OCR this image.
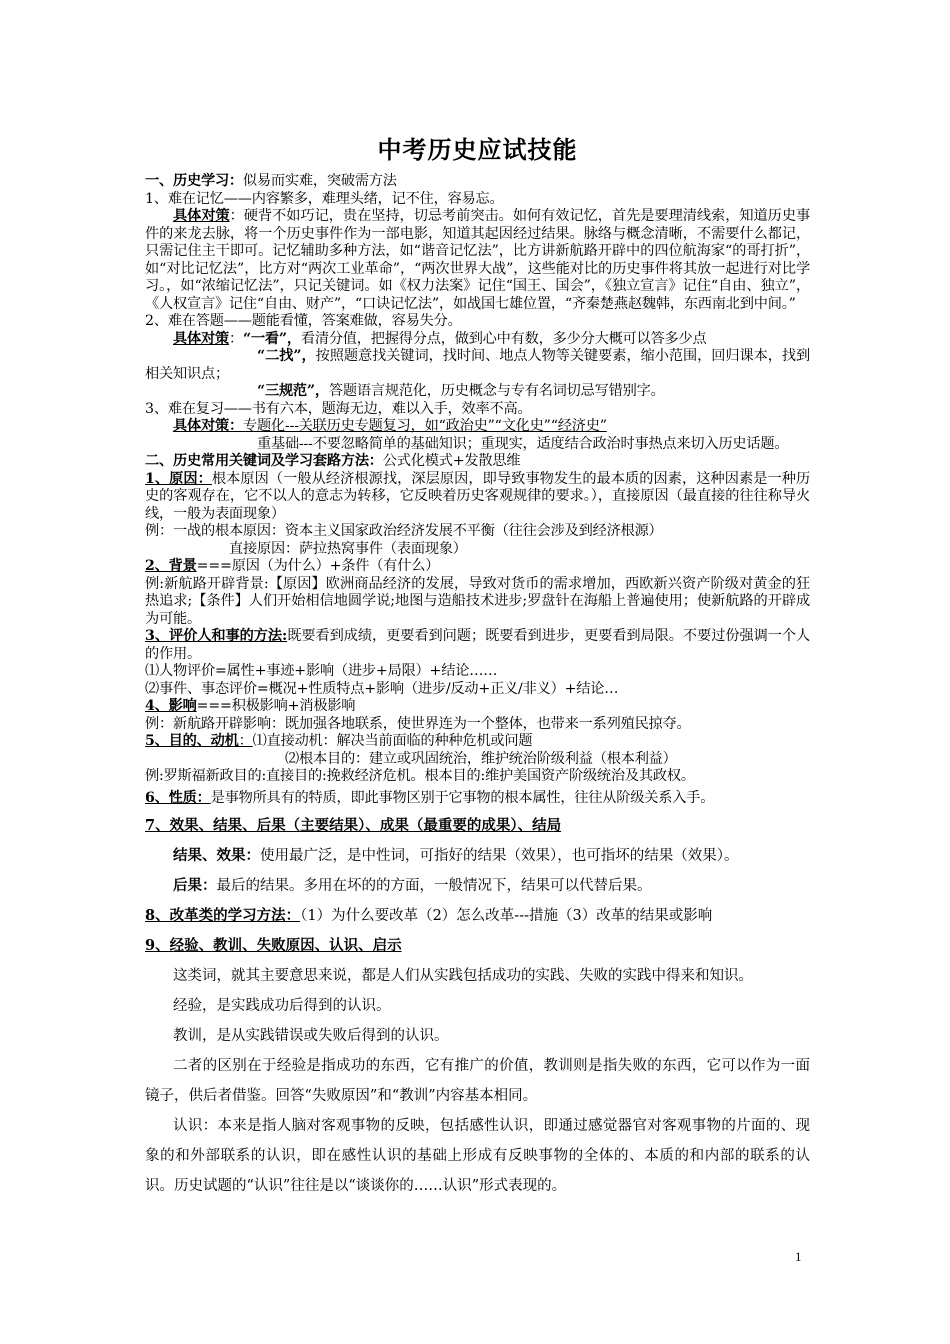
中考历史应试技能

一、历史学习：似易而实难，突破需方法

1、难在记忆——内容繁多，难理头绪，记不住，容易忘。

具体对策：硬背不如巧记，贵在坚持，切忌考前突击。如何有效记忆，首先是要理清线索，知道历史事件的来龙去脉，将一个历史事件作为一部电影，知道其起因经过结果。脉络与概念清晰，不需要什么都记，只需记住主干即可。记忆辅助多种方法，如“谐音记忆法”，比方讲新航路开辟中的四位航海家“的哥打折”，如“对比记忆法”，比方对“两次工业革命”，“两次世界大战”，这些能对比的历史事件将其放一起进行对比学习。，如“浓缩记忆法”，只记关键词。如《权力法案》记住“国王、国会”，《独立宣言》记住“自由、独立”，《人权宣言》记住“自由、财产”，“口诀记忆法”，如战国七雄位置，“齐秦楚燕赵魏韩，东西南北到中间。”

2、难在答题——题能看懂，答案难做，容易失分。

具体对策：“一看”，看清分值，把握得分点，做到心中有数，多少分大概可以答多少点

“二找”，按照题意找关键词，找时间、地点人物等关键要素，缩小范围，回归课本，找到相关知识点；

“三规范”，答题语言规范化，历史概念与专有名词切忌写错别字。

3、难在复习——书有六本，题海无边，难以入手，效率不高。

具体对策：专题化---关联历史专题复习，如“政治史”“文化史”“经济史”

重基础---不要忽略简单的基础知识；重现实，适度结合政治时事热点来切入历史话题。

二、历史常用关键词及学习套路方法：公式化模式+发散思维

1、原因：根本原因（一般从经济根源找，深层原因，即导致事物发生的最本质的因素，这种因素是一种历史的客观存在，它不以人的意志为转移，它反映着历史客观规律的要求。），直接原因（最直接的往往称导火线，一般为表面现象）

例：一战的根本原因：资本主义国家政治经济发展不平衡（往往会涉及到经济根源）

直接原因：萨拉热窝事件（表面现象）

2、背景===原因（为什么）+条件（有什么）

例:新航路开辟背景:【原因】欧洲商品经济的发展，导致对货币的需求增加，西欧新兴资产阶级对黄金的狂热追求;【条件】人们开始相信地圆学说;地图与造船技术进步;罗盘针在海船上普遍使用；使新航路的开辟成为可能。

3、评价人和事的方法:既要看到成绩，更要看到问题；既要看到进步，更要看到局限。不要过份强调一个人的作用。

⑴人物评价=属性+事迹+影响（进步+局限）+结论……

⑵事件、事态评价=概况+性质特点+影响（进步/反动+正义/非义）+结论…

4、影响===积极影响+消极影响

例：新航路开辟影响：既加强各地联系，使世界连为一个整体，也带来一系列殖民掠夺。

5、目的、动机：⑴直接动机：解决当前面临的种种危机或问题

⑵根本目的：建立或巩固统治，维护统治阶级利益（根本利益）

例:罗斯福新政目的:直接目的:挽救经济危机。根本目的:维护美国资产阶级统治及其政权。

6、性质：是事物所具有的特质，即此事物区别于它事物的根本属性，往往从阶级关系入手。

7、效果、结果、后果（主要结果）、成果（最重要的成果）、结局

结果、效果：使用最广泛，是中性词，可指好的结果（效果），也可指坏的结果（效果）。

后果：最后的结果。多用在坏的的方面，一般情况下，结果可以代替后果。

8、改革类的学习方法：（1）为什么要改革（2）怎么改革---措施（3）改革的结果或影响

9、经验、教训、失败原因、认识、启示

这类词，就其主要意思来说，都是人们从实践包括成功的实践、失败的实践中得来和知识。

经验，是实践成功后得到的认识。

教训，是从实践错误或失败后得到的认识。

二者的区别在于经验是指成功的东西，它有推广的价值，教训则是指失败的东西，它可以作为一面镜子，供后者借鉴。回答“失败原因”和“教训”内容基本相同。

认识：本来是指人脑对客观事物的反映，包括感性认识，即通过感觉器官对客观事物的片面的、现象的和外部联系的认识，即在感性认识的基础上形成有反映事物的全体的、本质的和内部的联系的认识。历史试题的“认识”往往是以“谈谈你的……认识”形式表现的。

1
